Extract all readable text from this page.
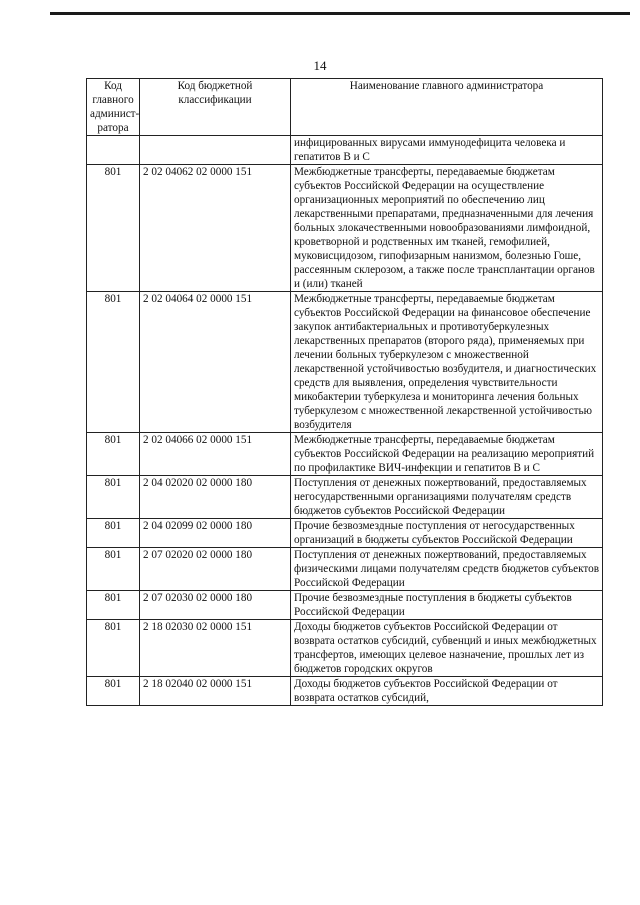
14
Код главного админист-ратора	Код бюджетной классификации	Наименование главного администратора
		инфицированных вирусами иммунодефицита человека и гепатитов В и С
801	2 02 04062 02 0000 151	Межбюджетные трансферты, передаваемые бюджетам субъектов Российской Федерации на осуществление организационных мероприятий по обеспечению лиц лекарственными препаратами, предназначенными для лечения больных злокачественными новообразованиями лимфоидной, кроветворной и родственных им тканей, гемофилией, муковисцидозом, гипофизарным нанизмом, болезнью Гоше, рассеянным склерозом, а также после трансплантации органов и (или) тканей
801	2 02 04064 02 0000 151	Межбюджетные трансферты, передаваемые бюджетам субъектов Российской Федерации на финансовое обеспечение закупок антибактериальных и противотуберкулезных лекарственных препаратов (второго ряда), применяемых при лечении больных туберкулезом с множественной лекарственной устойчивостью возбудителя, и диагностических средств для выявления, определения чувствительности микобактерии туберкулеза и мониторинга лечения больных туберкулезом с множественной лекарственной устойчивостью возбудителя
801	2 02 04066 02 0000 151	Межбюджетные трансферты, передаваемые бюджетам субъектов Российской Федерации на реализацию мероприятий по профилактике ВИЧ-инфекции и гепатитов В и С
801	2 04 02020 02 0000 180	Поступления от денежных пожертвований, предоставляемых негосударственными организациями получателям средств бюджетов субъектов Российской Федерации
801	2 04 02099 02 0000 180	Прочие безвозмездные поступления от негосударственных организаций в бюджеты субъектов Российской Федерации
801	2 07 02020 02 0000 180	Поступления от денежных пожертвований, предоставляемых физическими лицами получателям средств бюджетов субъектов Российской Федерации
801	2 07 02030 02 0000 180	Прочие безвозмездные поступления в бюджеты субъектов Российской Федерации
801	2 18 02030 02 0000 151	Доходы бюджетов субъектов Российской Федерации от возврата остатков субсидий, субвенций и иных межбюджетных трансфертов, имеющих целевое назначение, прошлых лет из бюджетов городских округов
801	2 18 02040 02 0000 151	Доходы бюджетов субъектов Российской Федерации от возврата остатков субсидий,
